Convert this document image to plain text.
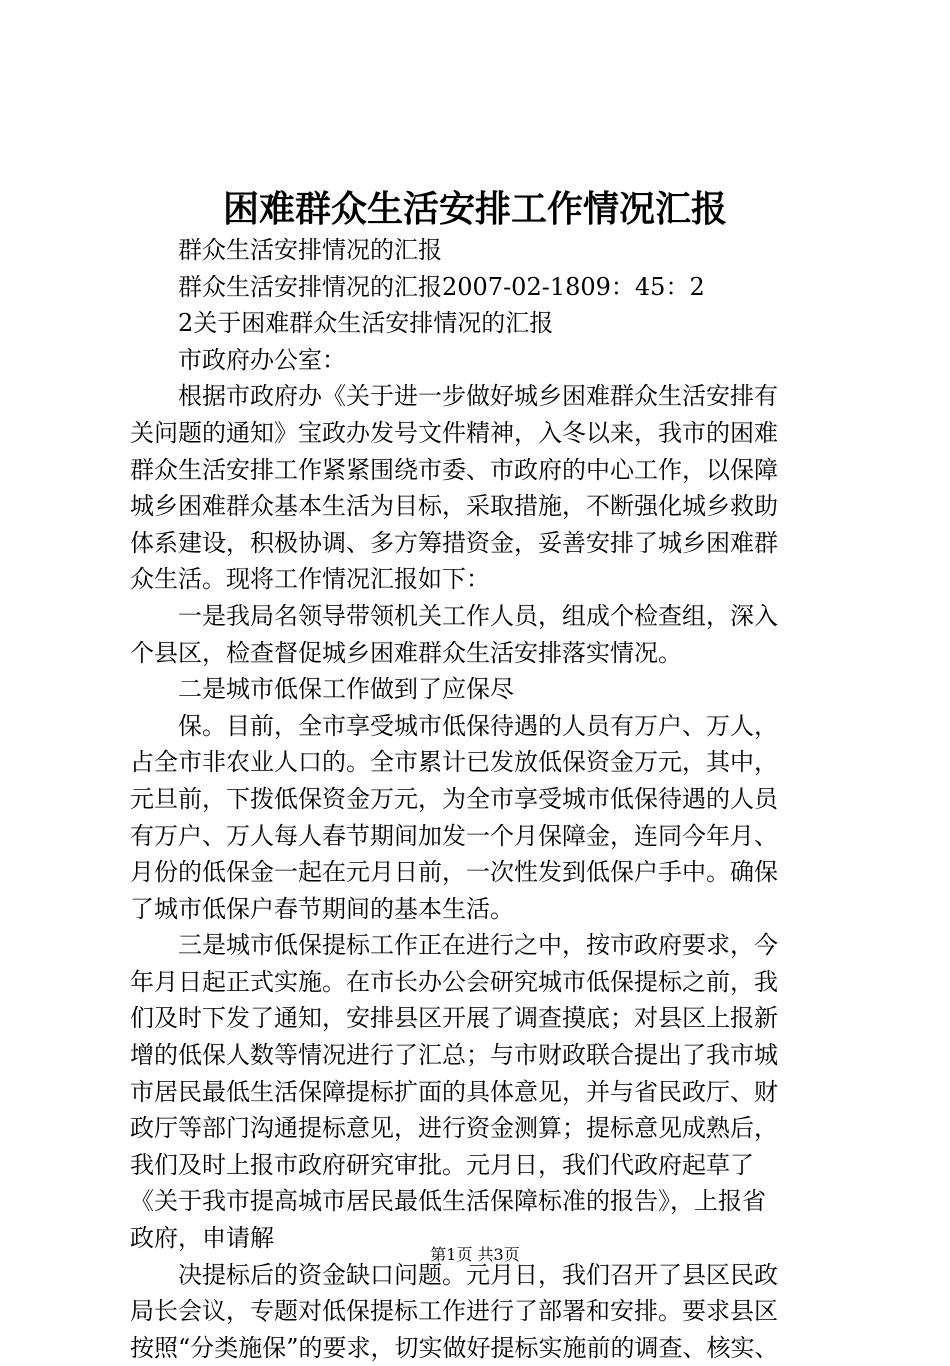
困难群众生活安排工作情况汇报
群众生活安排情况的汇报
群众生活安排情况的汇报2007-02-1809：45：2
2关于困难群众生活安排情况的汇报
市政府办公室：
根据市政府办《关于进一步做好城乡困难群众生活安排有
关问题的通知》宝政办发号文件精神，入冬以来，我市的困难
群众生活安排工作紧紧围绕市委、市政府的中心工作，以保障
城乡困难群众基本生活为目标，采取措施，不断强化城乡救助
体系建设，积极协调、多方筹措资金，妥善安排了城乡困难群
众生活。现将工作情况汇报如下：
一是我局名领导带领机关工作人员，组成个检查组，深入
个县区，检查督促城乡困难群众生活安排落实情况。
二是城市低保工作做到了应保尽
保。目前，全市享受城市低保待遇的人员有万户、万人，
占全市非农业人口的。全市累计已发放低保资金万元，其中，
元旦前，下拨低保资金万元，为全市享受城市低保待遇的人员
有万户、万人每人春节期间加发一个月保障金，连同今年月、
月份的低保金一起在元月日前，一次性发到低保户手中。确保
了城市低保户春节期间的基本生活。
三是城市低保提标工作正在进行之中，按市政府要求，今
年月日起正式实施。在市长办公会研究城市低保提标之前，我
们及时下发了通知，安排县区开展了调查摸底；对县区上报新
增的低保人数等情况进行了汇总；与市财政联合提出了我市城
市居民最低生活保障提标扩面的具体意见，并与省民政厅、财
政厅等部门沟通提标意见，进行资金测算；提标意见成熟后，
我们及时上报市政府研究审批。元月日，我们代政府起草了
《关于我市提高城市居民最低生活保障标准的报告》，上报省
政府，申请解
决提标后的资金缺口问题。元月日，我们召开了县区民政
局长会议，专题对低保提标工作进行了部署和安排。要求县区
按照“分类施保”的要求，切实做好提标实施前的调查、核实、
第1页 共3页
